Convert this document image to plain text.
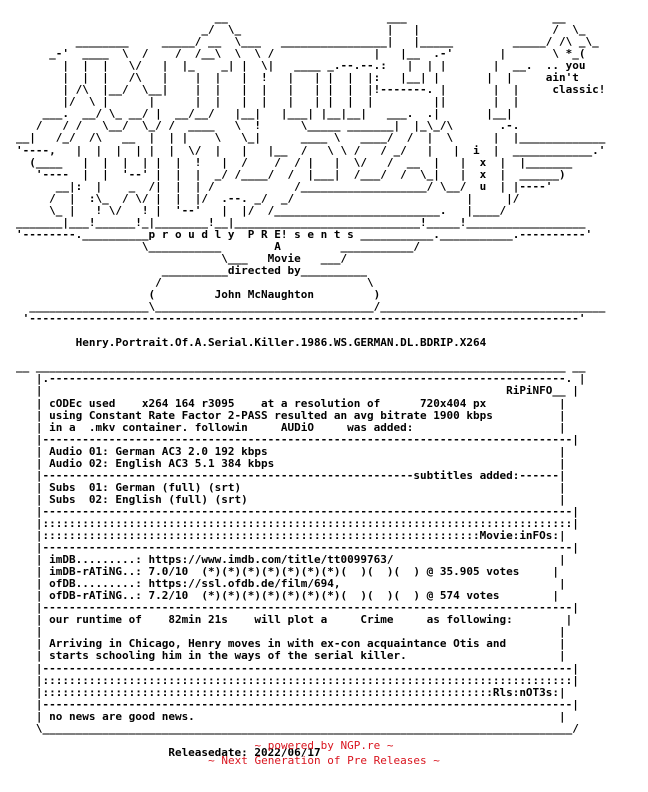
__                        ___                      __
_/  \_                      |   |                    /  \_
________     _____/ __  \___   ________________|   |_____         _____/ /\ _\_
_-'  ____  \  /    /  /__\  \  \ /               |   |__  .-'       |       \ *_(
|  |  |   \/   |  |_    _| |  \|   ____ _.--.--.:   |  | |       |  __.  .. you
|  |  |   /\   |    |  |   |  !   |   | |  |  |:   |__| |       |  |     ain't
| /\  |__/  \__|    |  |   |  |   |   | |  |  |!-------. |       |  |     classic!
|/  \ |      |      |  |   |  |   |   | |  |  |         ||       |  |
___.  __/ \_ __/ |  __/__/   |__|   |___| |__|__|   ___.  .|       |__|
/   / /   \__/  \_/ /  ____   \  !      \_____ _______|  |_\_/\       .-.
__|   /_/  /\   __  |  | |    \   \_|      ____ \   ____/  /  |  \      |  |_____________
'----,   |  |  |  | |  |  \/  |   |   |__  /   \ \ /   / _/   |   |  i  |  ____________.'
(____   |  |  |  | |  |  !   |  /    /  / |   |  \/   /  __  |   |  x  |  |_______
'----  |  |  '--' |  |  |  _/ /____/  /  |___|  /___/  /  \_|   |  x  |  ______)
__|:  |    _  /|  |  | /            /___________________/ \__/  u  | |----'
/  |  :\_  / \/ |  |  |/  .--. _/  _/                          |     |/
\_ |   ! \/   ! |  '--'   |  |/  /_________________________.   |____/
_______|___!______!_|________!__|____________________________!_____!__________________
'--------.__________p r o u d l y  P R E! s e n t s ___________.___________.----------'
\___________        A         ___________/
\___   Movie   ___/
__________directed by__________
/                               \
(         John McNaughton         )
__________________\_________________________________/__________________________________
'-----------------------------------------------------------------------------------'

Henry.Portrait.Of.A.Serial.Killer.1986.WS.GERMAN.DL.BDRIP.X264

__ ________________________________________________________________________________ __
|.------------------------------------------------------------------------------. |
|                                                                      RiPiNFO__ |
| cODEc used    x264 164 r3095    at a resolution of      720x404 px           |
| using Constant Rate Factor 2-PASS resulted an avg bitrate 1900 kbps          |
| in a  .mkv container. followin     AUDiO     was added:                      |
|--------------------------------------------------------------------------------|
| Audio 01: German AC3 2.0 192 kbps                                            |
| Audio 02: English AC3 5.1 384 kbps                                           |
|--------------------------------------------------------subtitles added:------|
| Subs  01: German (full) (srt)                                                |
| Subs  02: English (full) (srt)                                               |
|--------------------------------------------------------------------------------|
|::::::::::::::::::::::::::::::::::::::::::::::::::::::::::::::::::::::::::::::::|
|::::::::::::::::::::::::::::::::::::::::::::::::::::::::::::::::::Movie:inFOs:|
|--------------------------------------------------------------------------------|
| imDB.........: https://www.imdb.com/title/tt0099763/                         |
| imDB-rATiNG..: 7.0/10  (*)(*)(*)(*)(*)(*)(*)(  )(  )(  ) @ 35.905 votes     |
| ofDB.........: https://ssl.ofdb.de/film/694,                                 |
| ofDB-rATiNG..: 7.2/10  (*)(*)(*)(*)(*)(*)(*)(  )(  )(  ) @ 574 votes        |
|--------------------------------------------------------------------------------|
| our runtime of    82min 21s    will plot a     Crime     as following:        |
|                                                                              |
| Arriving in Chicago, Henry moves in with ex-con acquaintance Otis and        |
| starts schooling him in the ways of the serial killer.                       |
|--------------------------------------------------------------------------------|
|::::::::::::::::::::::::::::::::::::::::::::::::::::::::::::::::::::::::::::::::|
|::::::::::::::::::::::::::::::::::::::::::::::::::::::::::::::::::::Rls:nOT3s:|
|--------------------------------------------------------------------------------|
| no news are good news.                                                       |
\________________________________________________________________________________/

Releasedate: 2022/06/17
~ powered by NGP.re ~
~ Next Generation of Pre Releases ~
